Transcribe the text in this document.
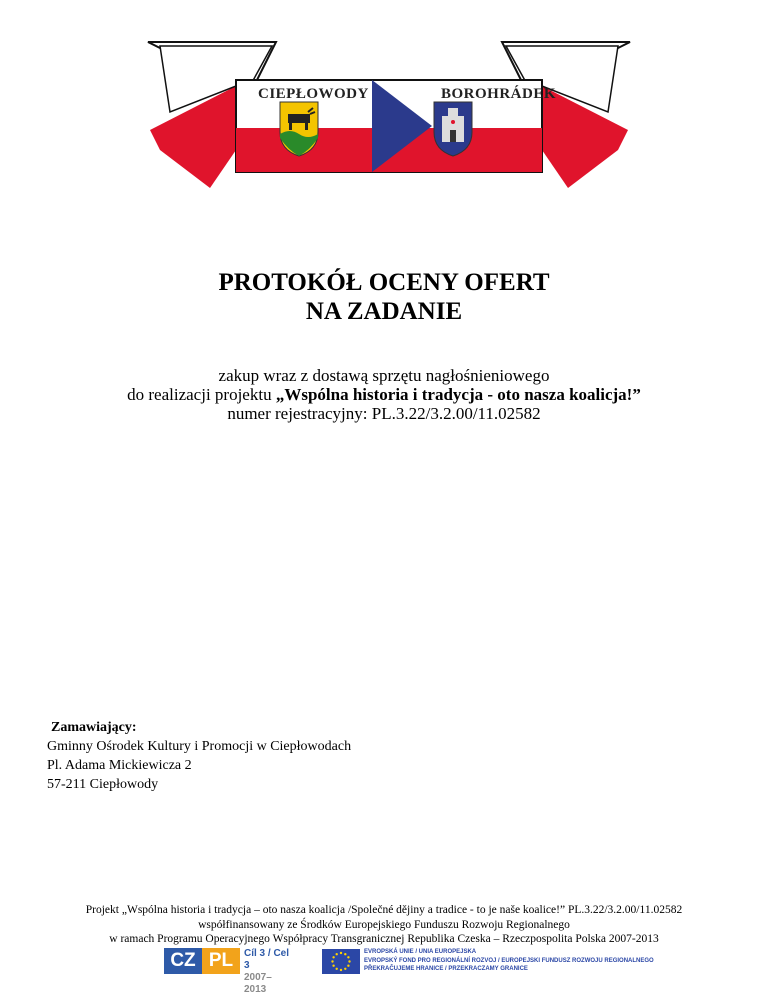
CIEPŁOWODY	BOROHRÁDEK
PROTOKÓŁ OCENY OFERT
NA ZADANIE
zakup wraz z dostawą sprzętu nagłośnieniowego
do realizacji projektu „Wspólna historia i tradycja - oto nasza koalicja!”
numer rejestracyjny: PL.3.22/3.2.00/11.02582
Zamawiający:
Gminny Ośrodek Kultury i Promocji w Ciepłowodach
Pl. Adama Mickiewicza 2
57-211 Ciepłowody
Projekt „Wspólna historia i tradycja – oto nasza koalicja /Společné dějiny a tradice - to je naše koalice!” PL.3.22/3.2.00/11.02582
współfinansowany ze Środków Europejskiego Funduszu Rozwoju Regionalnego
w ramach Programu Operacyjnego Współpracy Transgranicznej Republika Czeska – Rzeczpospolita Polska 2007-2013
CZ PL	Cíl 3 / Cel 3
2007–2013
EVROPSKÁ UNIE / UNIA EUROPEJSKA
EVROPSKÝ FOND PRO REGIONÁLNÍ ROZVOJ / EUROPEJSKI FUNDUSZ ROZWOJU REGIONALNEGO
PŘEKRAČUJEME HRANICE / PRZEKRACZAMY GRANICE
